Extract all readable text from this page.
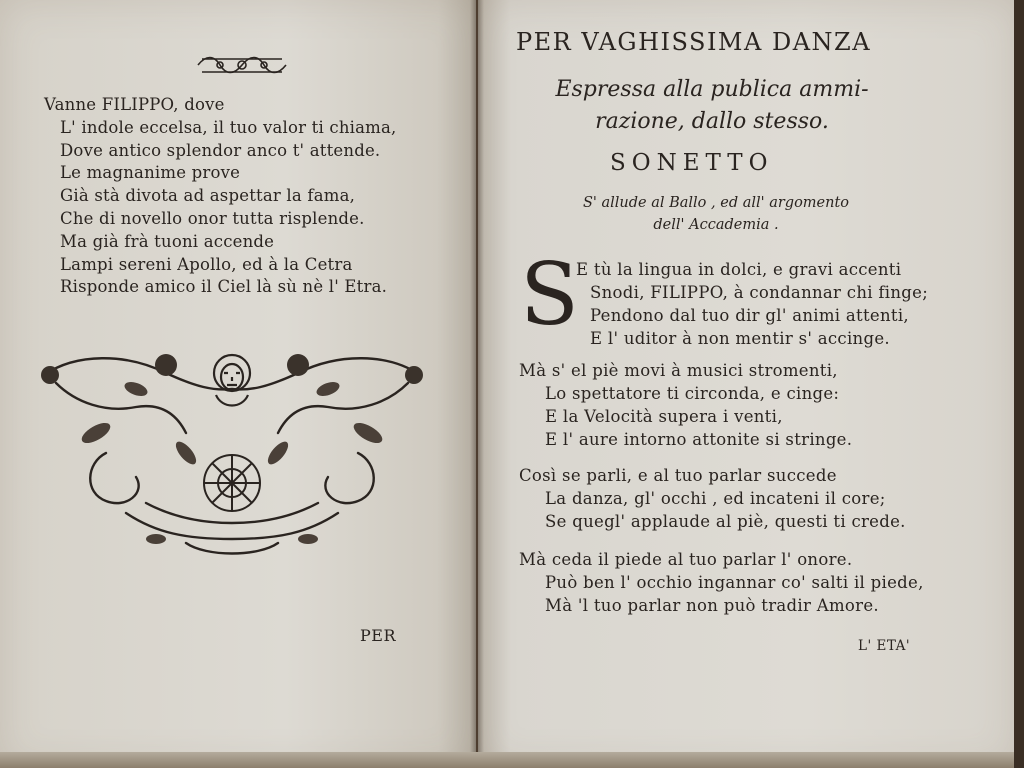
Vanne FILIPPO, dove
L' indole eccelsa, il tuo valor ti chiama,
Dove antico splendor anco t' attende.
Le magnanime prove
Già stà divota ad aspettar la fama,
Che di novello onor tutta risplende.
Ma già frà tuoni accende
Lampi sereni Apollo, ed à la Cetra
Risponde amico il Ciel là sù nè l' Etra.
PER
PER VAGHISSIMA DANZA
Espressa alla publica ammi-
razione, dallo stesso.
SONETTO
S' allude al Ballo , ed all' argomento
dell' Accademia .
S
E tù la lingua in dolci, e gravi accenti
Snodi, FILIPPO, à condannar chi finge;
Pendono dal tuo dir gl' animi attenti,
E l' uditor à non mentir s' accinge.
Mà s' el piè movi à musici stromenti,
Lo spettatore ti circonda, e cinge:
E la Velocità supera i venti,
E l' aure intorno attonite si stringe.
Così se parli, e al tuo parlar succede
La danza, gl' occhi , ed incateni il core;
Se quegl' applaude al piè, questi ti crede.
Mà ceda il piede al tuo parlar l' onore.
Può ben l' occhio ingannar co' salti il piede,
Mà 'l tuo parlar non può tradir Amore.
L' ETA'
